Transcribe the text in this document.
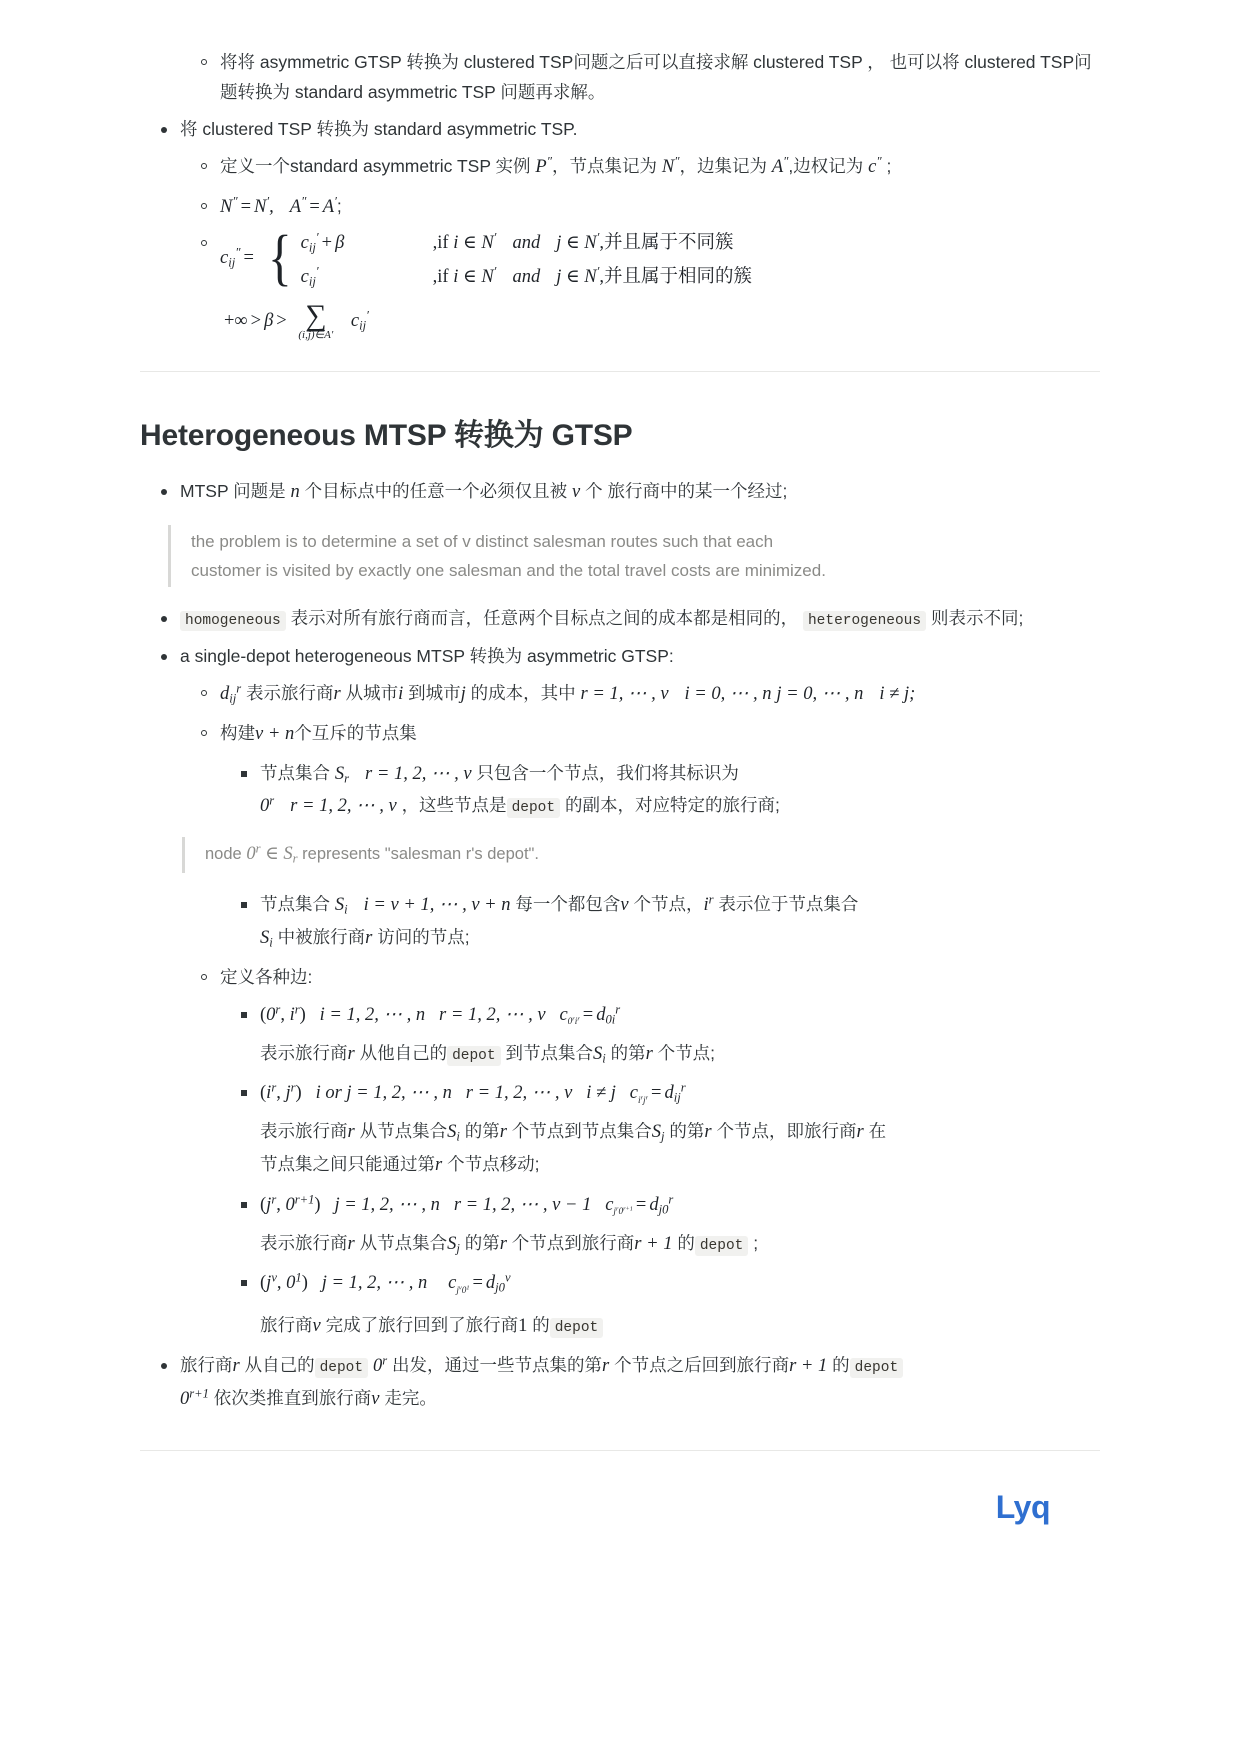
将将 asymmetric GTSP 转换为 clustered TSP问题之后可以直接求解 clustered TSP ， 也可以将 clustered TSP问题转换为 standard asymmetric TSP 问题再求解。
将 clustered TSP 转换为 standard asymmetric TSP.
定义一个standard asymmetric TSP 实例 P″，节点集记为 N″，边集记为 A″,边权记为 c″ ;
N″ = N′, A″ = A′;
$c_{ij}''$ = { $c_{ij}' + \beta$	,if i ∈ N′ and j ∈ N′,并且属于不同簇
$c_{ij}'$	,if i ∈ N′ and j ∈ N′,并且属于相同的簇
+∞ > β > ∑
(i,j)∈A′
$c_{ij}'$
Heterogeneous MTSP 转换为 GTSP
MTSP 问题是 n 个目标点中的任意一个必须仅且被 v 个 旅行商中的某一个经过;
the problem is to determine a set of v distinct salesman routes such that each
customer is visited by exactly one salesman and the total travel costs are minimized.
homogeneous 表示对所有旅行商而言，任意两个目标点之间的成本都是相同的， heterogeneous 则表示不同;
a single-depot heterogeneous MTSP 转换为 asymmetric GTSP:
$d_{ij}^r$ 表示旅行商r 从城市i 到城市j 的成本，其中 r = 1, ⋯ , v i = 0, ⋯ , n j = 0, ⋯ , n i ≠ j;
构建v + n个互斥的节点集
节点集合 $S_r$ r = 1, 2, ⋯ , v 只包含一个节点，我们将其标识为
0$^r$ r = 1, 2, ⋯ , v ，这些节点是 depot 的副本，对应特定的旅行商;
node 0$^r$ ∈ $S_r$ represents "salesman r's depot".
节点集合 $S_i$ i = v + 1, ⋯ , v + n 每一个都包含v 个节点，$i^r$ 表示位于节点集合
$S_i$ 中被旅行商r 访问的节点;
定义各种边:
(0$^r$, $i^r$) i = 1, 2, ⋯ , n r = 1, 2, ⋯ , v $c_{0^ri^r} = d_{0i}^r$
表示旅行商r 从他自己的 depot 到节点集合$S_i$ 的第r 个节点;
($i^r$, $j^r$) i or j = 1, 2, ⋯ , n r = 1, 2, ⋯ , v i ≠ j $c_{i^rj^r} = d_{ij}^r$
表示旅行商r 从节点集合$S_i$ 的第r 个节点到节点集合$S_j$ 的第r 个节点，即旅行商r 在
节点集之间只能通过第r 个节点移动;
($j^r$, $0^{r+1}$) j = 1, 2, ⋯ , n r = 1, 2, ⋯ , v − 1 $c_{j^r0^{r+1}} = d_{j0}^r$
表示旅行商r 从节点集合$S_j$ 的第r 个节点到旅行商r + 1 的 depot ;
($j^v$, $0^1$) j = 1, 2, ⋯ , n $c_{j^v0^1} = d_{j0}^v$
旅行商v 完成了旅行回到了旅行商1 的 depot
旅行商r 从自己的 depot 0$^r$ 出发，通过一些节点集的第r 个节点之后回到旅行商r + 1 的 depot
$0^{r+1}$ 依次类推直到旅行商v 走完。
Lyq
